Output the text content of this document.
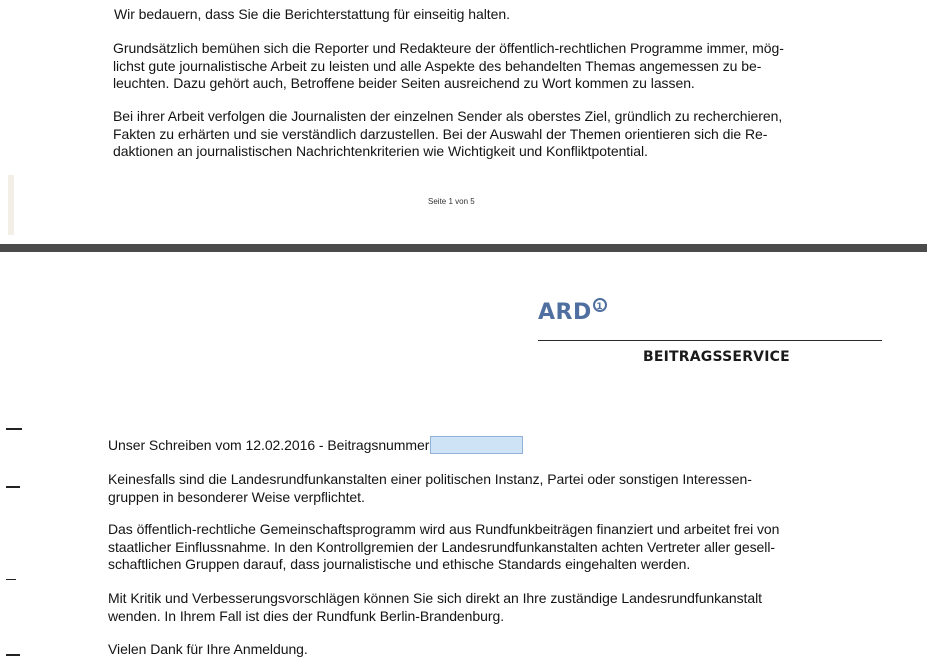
Wir bedauern, dass Sie die Berichterstattung für einseitig halten.
Grundsätzlich bemühen sich die Reporter und Redakteure der öffentlich-rechtlichen Programme immer, mög-
lichst gute journalistische Arbeit zu leisten und alle Aspekte des behandelten Themas angemessen zu be-
leuchten. Dazu gehört auch, Betroffene beider Seiten ausreichend zu Wort kommen zu lassen.
Bei ihrer Arbeit verfolgen die Journalisten der einzelnen Sender als oberstes Ziel, gründlich zu recherchieren,
Fakten zu erhärten und sie verständlich darzustellen. Bei der Auswahl der Themen orientieren sich die Re-
daktionen an journalistischen Nachrichtenkriterien wie Wichtigkeit und Konfliktpotential.
Seite 1 von 5
ARD 1
BEITRAGSSERVICE
Unser Schreiben vom 12.02.2016 - Beitragsnummer
Keinesfalls sind die Landesrundfunkanstalten einer politischen Instanz, Partei oder sonstigen Interessen-
gruppen in besonderer Weise verpflichtet.
Das öffentlich-rechtliche Gemeinschaftsprogramm wird aus Rundfunkbeiträgen finanziert und arbeitet frei von
staatlicher Einflussnahme. In den Kontrollgremien der Landesrundfunkanstalten achten Vertreter aller gesell-
schaftlichen Gruppen darauf, dass journalistische und ethische Standards eingehalten werden.
Mit Kritik und Verbesserungsvorschlägen können Sie sich direkt an Ihre zuständige Landesrundfunkanstalt
wenden. In Ihrem Fall ist dies der Rundfunk Berlin-Brandenburg.
Vielen Dank für Ihre Anmeldung.
